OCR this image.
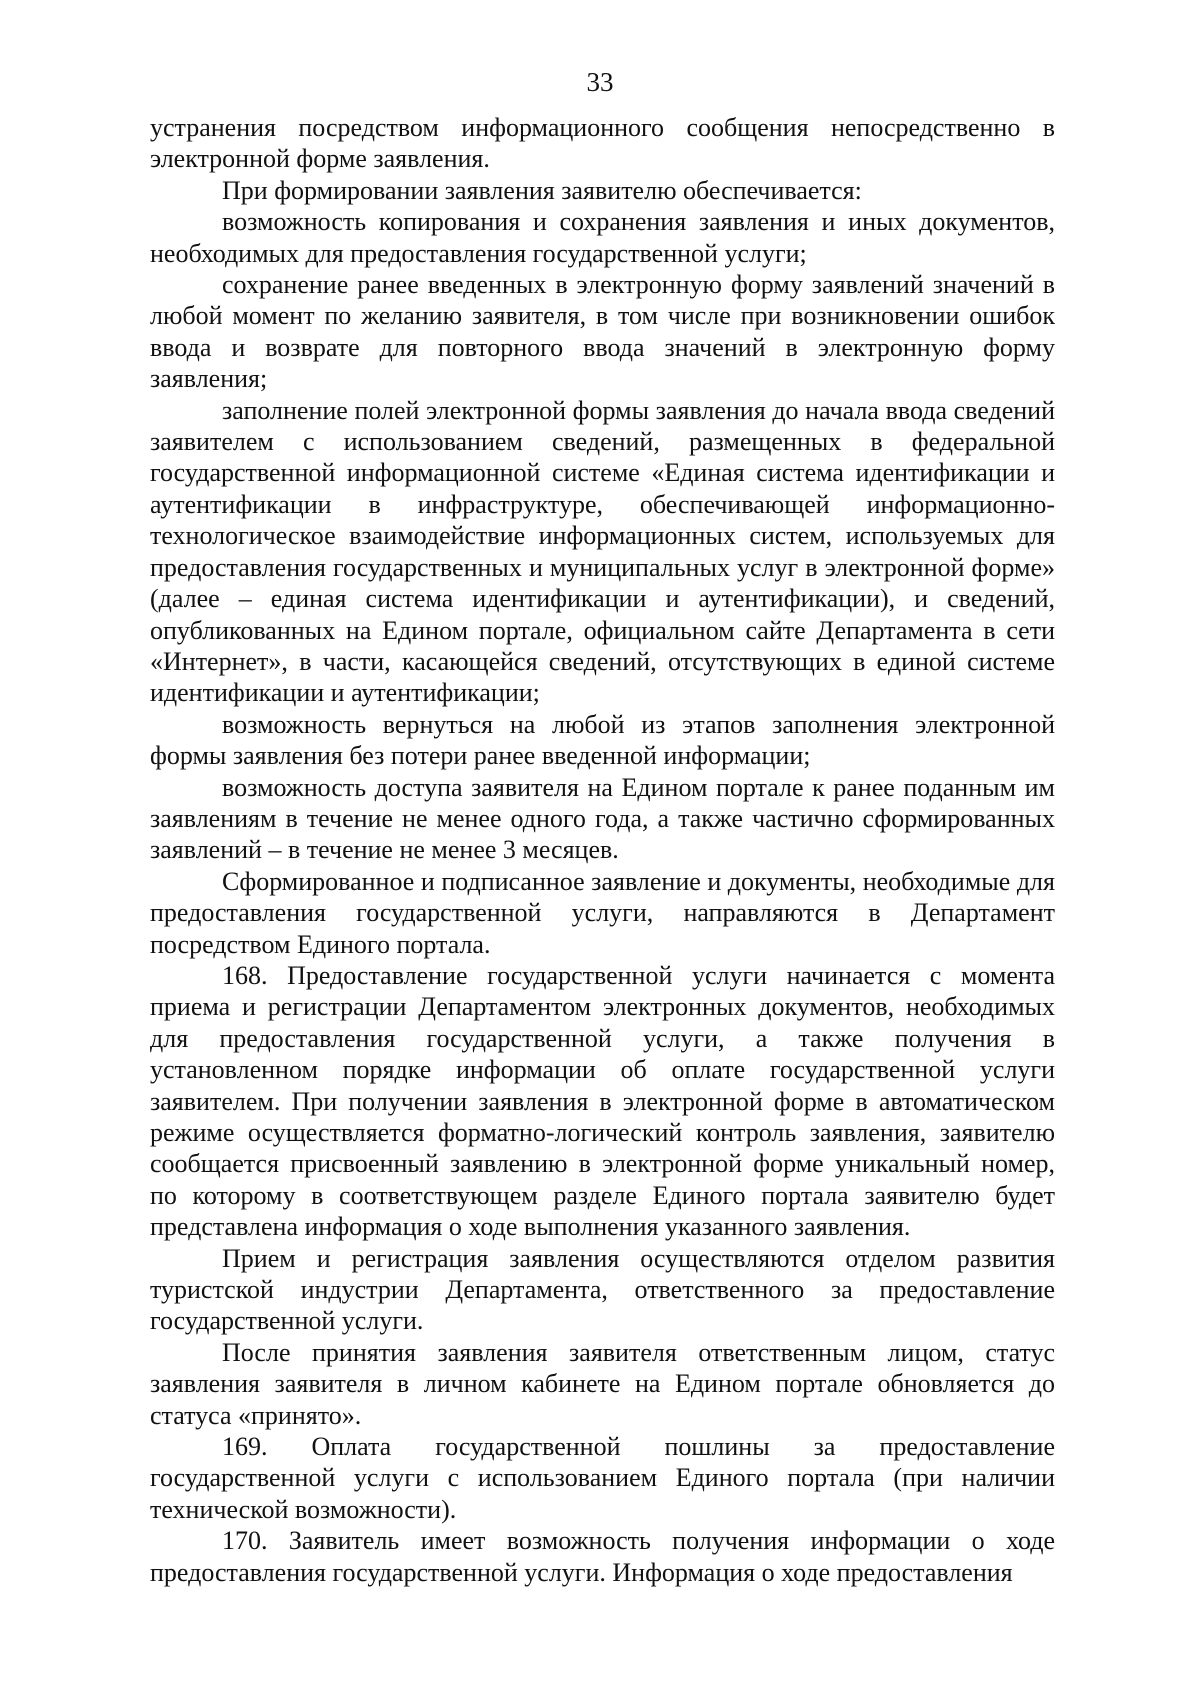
33

устранения посредством информационного сообщения непосредственно в электронной форме заявления.

При формировании заявления заявителю обеспечивается:

возможность копирования и сохранения заявления и иных документов, необходимых для предоставления государственной услуги;

сохранение ранее введенных в электронную форму заявлений значений в любой момент по желанию заявителя, в том числе при возникновении ошибок ввода и возврате для повторного ввода значений в электронную форму заявления;

заполнение полей электронной формы заявления до начала ввода сведений заявителем с использованием сведений, размещенных в федеральной государственной информационной системе «Единая система идентификации и аутентификации в инфраструктуре, обеспечивающей информационно-технологическое взаимодействие информационных систем, используемых для предоставления государственных и муниципальных услуг в электронной форме» (далее – единая система идентификации и аутентификации), и сведений, опубликованных на Едином портале, официальном сайте Департамента в сети «Интернет», в части, касающейся сведений, отсутствующих в единой системе идентификации и аутентификации;

возможность вернуться на любой из этапов заполнения электронной формы заявления без потери ранее введенной информации;

возможность доступа заявителя на Едином портале к ранее поданным им заявлениям в течение не менее одного года, а также частично сформированных заявлений – в течение не менее 3 месяцев.

Сформированное и подписанное заявление и документы, необходимые для предоставления государственной услуги, направляются в Департамент посредством Единого портала.

168. Предоставление государственной услуги начинается с момента приема и регистрации Департаментом электронных документов, необходимых для предоставления государственной услуги, а также получения в установленном порядке информации об оплате государственной услуги заявителем. При получении заявления в электронной форме в автоматическом режиме осуществляется форматно-логический контроль заявления, заявителю сообщается присвоенный заявлению в электронной форме уникальный номер, по которому в соответствующем разделе Единого портала заявителю будет представлена информация о ходе выполнения указанного заявления.

Прием и регистрация заявления осуществляются отделом развития туристской индустрии Департамента, ответственного за предоставление государственной услуги.

После принятия заявления заявителя ответственным лицом, статус заявления заявителя в личном кабинете на Едином портале обновляется до статуса «принято».

169. Оплата государственной пошлины за предоставление государственной услуги с использованием Единого портала (при наличии технической возможности).

170. Заявитель имеет возможность получения информации о ходе предоставления государственной услуги. Информация о ходе предоставления
